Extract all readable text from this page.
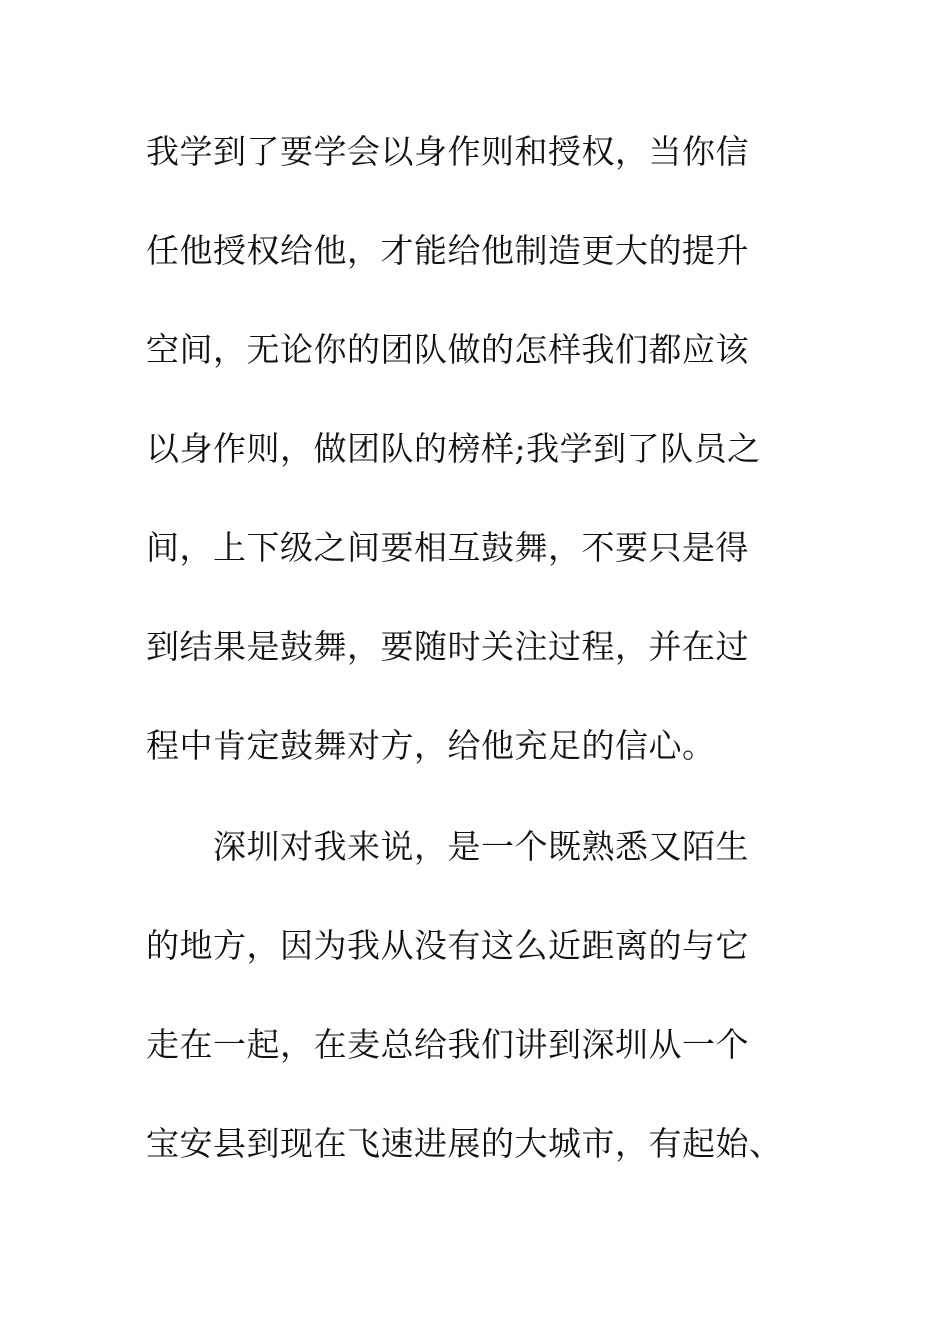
我学到了要学会以身作则和授权，当你信
任他授权给他，才能给他制造更大的提升
空间，无论你的团队做的怎样我们都应该
以身作则，做团队的榜样;我学到了队员之
间，上下级之间要相互鼓舞，不要只是得
到结果是鼓舞，要随时关注过程，并在过
程中肯定鼓舞对方，给他充足的信心。
深圳对我来说，是一个既熟悉又陌生
的地方，因为我从没有这么近距离的与它
走在一起，在麦总给我们讲到深圳从一个
宝安县到现在飞速进展的大城市，有起始、
